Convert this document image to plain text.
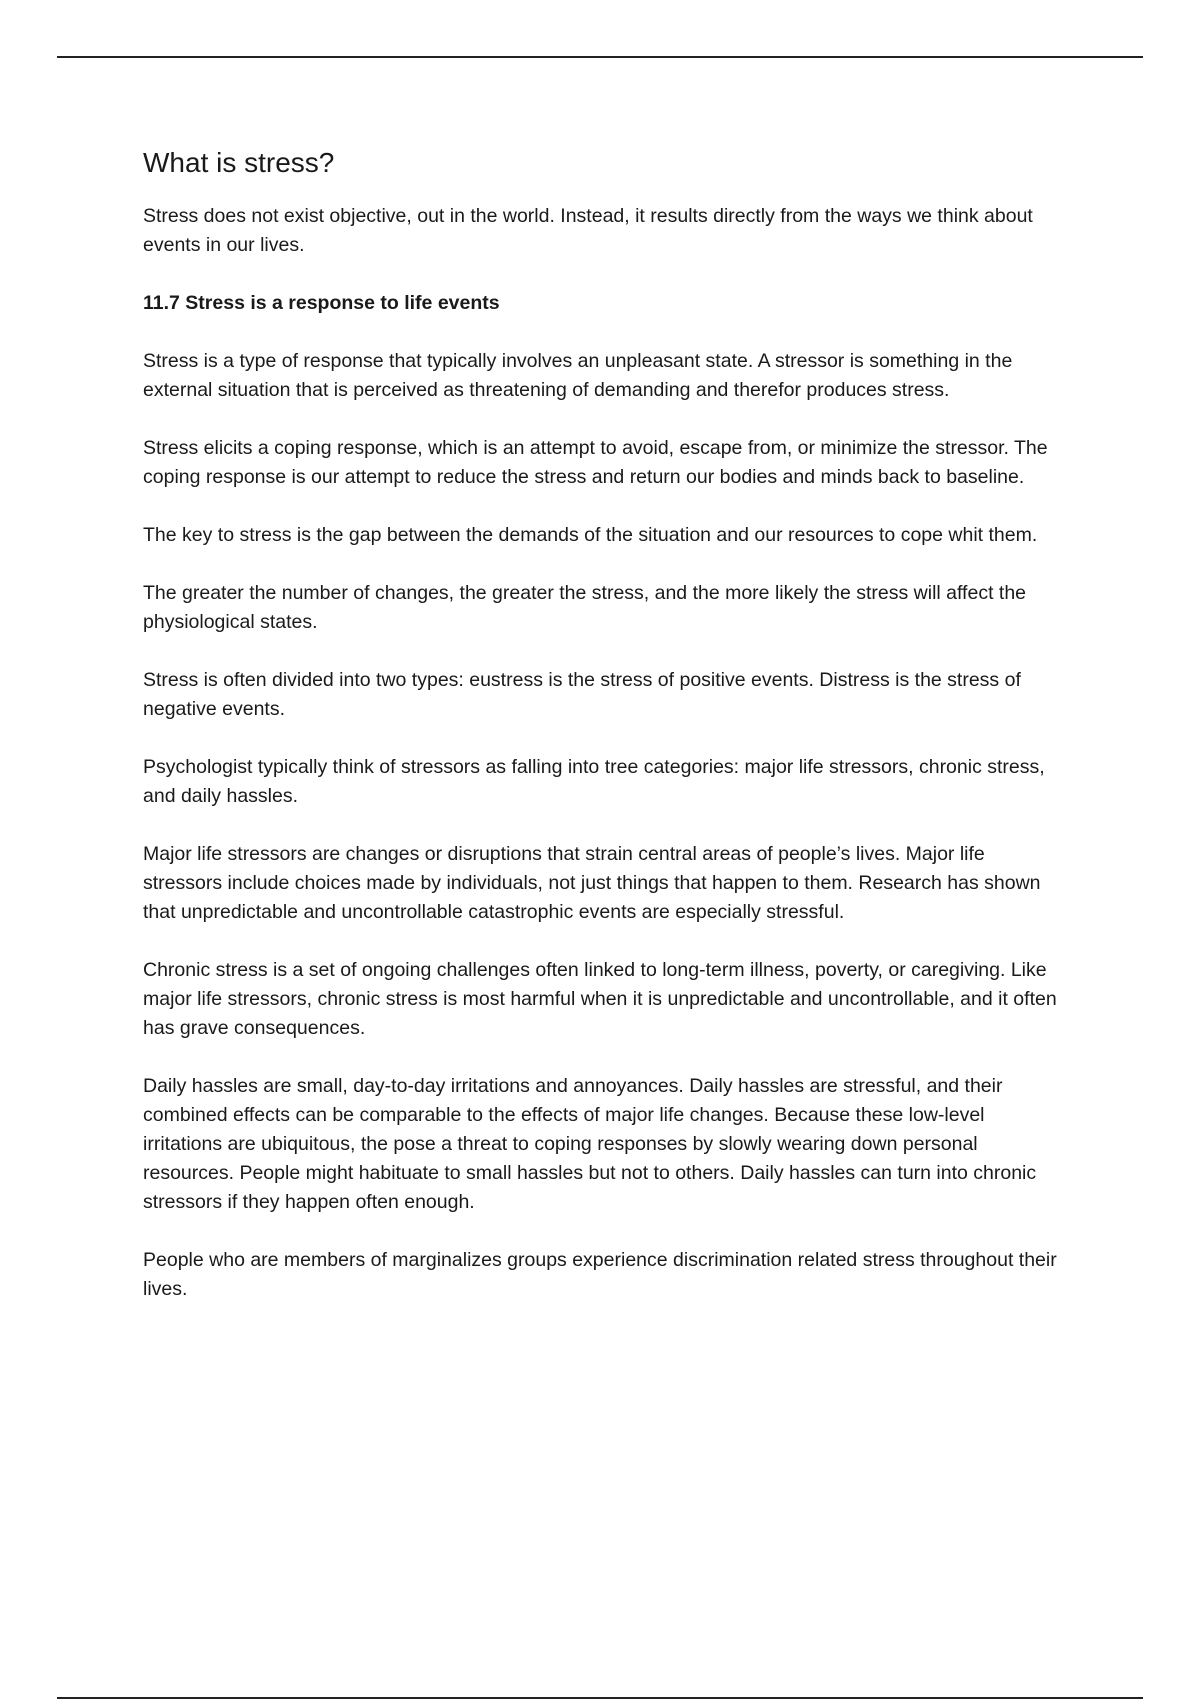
What is stress?

Stress does not exist objective, out in the world. Instead, it results directly from the ways we think about events in our lives.

11.7 Stress is a response to life events

Stress is a type of response that typically involves an unpleasant state. A stressor is something in the external situation that is perceived as threatening of demanding and therefor produces stress.

Stress elicits a coping response, which is an attempt to avoid, escape from, or minimize the stressor. The coping response is our attempt to reduce the stress and return our bodies and minds back to baseline.

The key to stress is the gap between the demands of the situation and our resources to cope whit them.

The greater the number of changes, the greater the stress, and the more likely the stress will affect the physiological states.

Stress is often divided into two types: eustress is the stress of positive events. Distress is the stress of negative events.

Psychologist typically think of stressors as falling into tree categories: major life stressors, chronic stress, and daily hassles.

Major life stressors are changes or disruptions that strain central areas of people’s lives. Major life stressors include choices made by individuals, not just things that happen to them. Research has shown that unpredictable and uncontrollable catastrophic events are especially stressful.

Chronic stress is a set of ongoing challenges often linked to long-term illness, poverty, or caregiving. Like major life stressors, chronic stress is most harmful when it is unpredictable and uncontrollable, and it often has grave consequences.

Daily hassles are small, day-to-day irritations and annoyances. Daily hassles are stressful, and their combined effects can be comparable to the effects of major life changes. Because these low-level irritations are ubiquitous, the pose a threat to coping responses by slowly wearing down personal resources. People might habituate to small hassles but not to others. Daily hassles can turn into chronic stressors if they happen often enough.

People who are members of marginalizes groups experience discrimination related stress throughout their lives.
